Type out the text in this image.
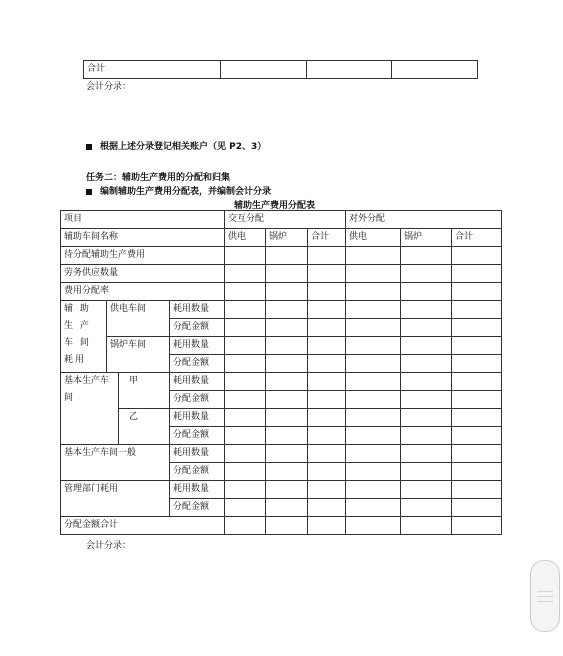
合计			
会计分录：
根据上述分录登记相关账户（见 P2、3）
任务二：辅助生产费用的分配和归集
编制辅助生产费用分配表，并编制会计分录
辅助生产费用分配表
项目				交互分配			对外分配		
辅助车间名称				供电	锅炉	合计	供电	锅炉	合计
待分配辅助生产费用									
劳务供应数量									
费用分配率									
辅 助 生 产 车 间 耗用	供电车间		耗用数量						
			分配金额						
	锅炉车间		耗用数量						
			分配金额						
基本生产车间		甲	耗用数量						
			分配金额						
		乙	耗用数量						
			分配金额						
基本生产车间一般			耗用数量						
			分配金额						
管理部门耗用			耗用数量						
			分配金额						
分配金额合计									
会计分录：
